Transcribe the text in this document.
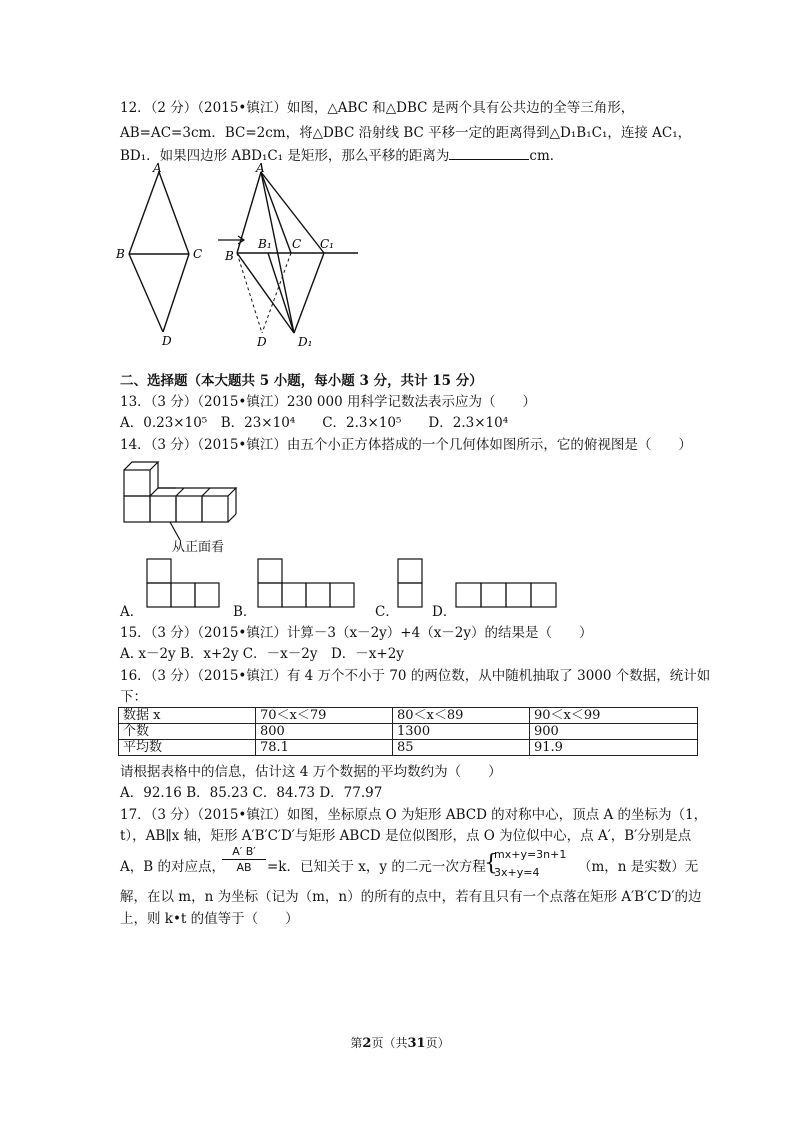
12．（2 分）（2015•镇江）如图，△ABC 和△DBC 是两个具有公共边的全等三角形，
AB=AC=3cm．BC=2cm，将△DBC 沿射线 BC 平移一定的距离得到△D₁B₁C₁，连接 AC₁，
BD₁．如果四边形 ABD₁C₁ 是矩形，那么平移的距离为	cm．
A
B	C
D
A
B
B₁ C C₁
D	D₁
二、选择题（本大题共 5 小题，每小题 3 分，共计 15 分）
13．（3 分）（2015•镇江）230 000 用科学记数法表示应为（　　）
A．0.23×10⁵　B．23×10⁴　　C．2.3×10⁵　　D．2.3×10⁴
14．（3 分）（2015•镇江）由五个小正方体搭成的一个几何体如图所示，它的俯视图是（　　）
从正面看
A．	B．	C． D．
15．（3 分）（2015•镇江）计算－3（x－2y）+4（x－2y）的结果是（　　）
A. x－2y B．x+2y C．－x－2y　D．－x+2y
16．（3 分）（2015•镇江）有 4 万个不小于 70 的两位数，从中随机抽取了 3000 个数据，统计如
下：
数据 x	70＜x＜79	80＜x＜89	90＜x＜99
个数	800	1300	900
平均数	78.1	85	91.9
请根据表格中的信息，估计这 4 万个数据的平均数约为（　　）
A．92.16 B．85.23 C．84.73 D．77.97
17．（3 分）（2015•镇江）如图，坐标原点 O 为矩形 ABCD 的对称中心，顶点 A 的坐标为（1，
t），AB∥x 轴，矩形 A′B′C′D′与矩形 ABCD 是位似图形，点 O 为位似中心，点 A′，B′分别是点
A，B 的对应点，
$\frac{A' B'}{AB} =k$．已知关于 x，y 的二元一次方程
{
mx+y=3n+1
3x+y=4	（m，n 是实数）无
解，在以 m，n 为坐标（记为（m，n）的所有的点中，若有且只有一个点落在矩形 A′B′C′D′的边
上，则 k•t 的值等于（　　）
第2页（共31页）
